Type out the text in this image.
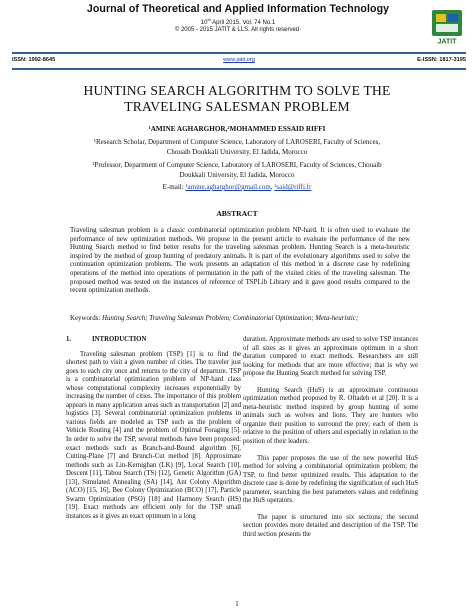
Journal of Theoretical and Applied Information Technology
10th April 2015. Vol. 74 No.1
© 2005 - 2015 JATIT & LLS. All rights reserved·
JATIT
ISSN: 1992-8645	www.jatit.org	E-ISSN: 1817-3195
HUNTING SEARCH ALGORITHM TO SOLVE THE
TRAVELING SALESMAN PROBLEM
¹AMINE AGHARGHOR,²MOHAMMED ESSAID RIFFI
¹Research Scholar, Department of Computer Science, Laboratory of LAROSERI, Faculty of Sciences,
Chouaib Doukkali University, El Jadida, Morocco
²Professor, Department of Computer Science, Laboratory of LAROSERI, Faculty of Sciences, Chouaib
Doukkali University, El Jadida, Morocco
E-mail: ¹amine.agharghor@gmail.com, ²said@riffi.fr
ABSTRACT
Traveling salesman problem is a classic combinatorial optimization problem NP-hard. It is often used to evaluate the performance of new optimization methods. We propose in the present article to evaluate the performance of the new Hunting Search method to find better results for the traveling salesman problem. Hunting Search is a meta-heuristic inspired by the method of group hunting of predatory animals. It is part of the evolutionary algorithms used to solve the continuation optimization problems. The work presents an adaptation of this method in a discrete case by redefining operations of the method into operations of permutation in the path of the visited cities of the traveling salesman. The proposed method was tested on the instances of reference of TSPLib Library and it gave good results compared to the recent optimization methods.
Keywords: Hunting Search; Traveling Salesman Problem; Combinatorial Optimization; Meta-heuristic;
1.	INTRODUCTION

Traveling salesman problem (TSP) [1] is to find the shortest path to visit a given number of cities. The traveler just goes to each city once and returns to the city of departure. TSP is a combinatorial optimization problem of NP-hard class whose computational complexity increases exponentially by increasing the number of cities. The importance of this problem appears in many application areas such as transportation [2] and logistics [3]. Several combinatorial optimization problems in various fields are modeled as TSP such as the problem of Vehicle Routing [4] and the problem of Optimal Foraging [5]. In order to solve the TSP, several methods have been proposed: exact methods such as Branch-and-Bound algorithm [6], Cutting-Plane [7] and Brunch-Cut method [8]. Approximate methods such as Lin-Kernighan (LK) [9], Local Search [10], Descent [11], Tabou Search (TS) [12], Genetic Algorithm (GA) [13], Simulated Annealing (SA) [14], Ant Colony Algorithm (ACO) [15, 16], Bee Colony Optimization (BCO) [17], Particle Swarm Optimization (PSO) [18] and Harmony Search (HS) [19]. Exact methods are efficient only for the TSP small instances as it gives an exact optimum in a long

duration. Approximate methods are used to solve TSP instances of all sizes as it gives an approximate optimum in a short duration compared to exact methods. Researchers are still looking for methods that are more effective; that is why we propose the Hunting Search method for solving TSP.

Hunting Search (HuS) is an approximate continuous optimization method proposed by R. Oftadeh et al [20]. It is a meta-heuristic method inspired by group hunting of some animals such as wolves and lions. They are hunters who organize their position to surround the prey; each of them is relative to the position of others and especially in relation to the position of their leaders.

This paper proposes the use of the new powerful HuS method for solving a combinatorial optimization problem; the TSP, to find better optimized results. This adaptation to the discrete case is done by redefining the signification of each HuS parameter, searching the best parameters values and redefining the HuS operators.

The paper is structured into six sections; the second section provides more detailed and description of the TSP. The third section presents the

1
